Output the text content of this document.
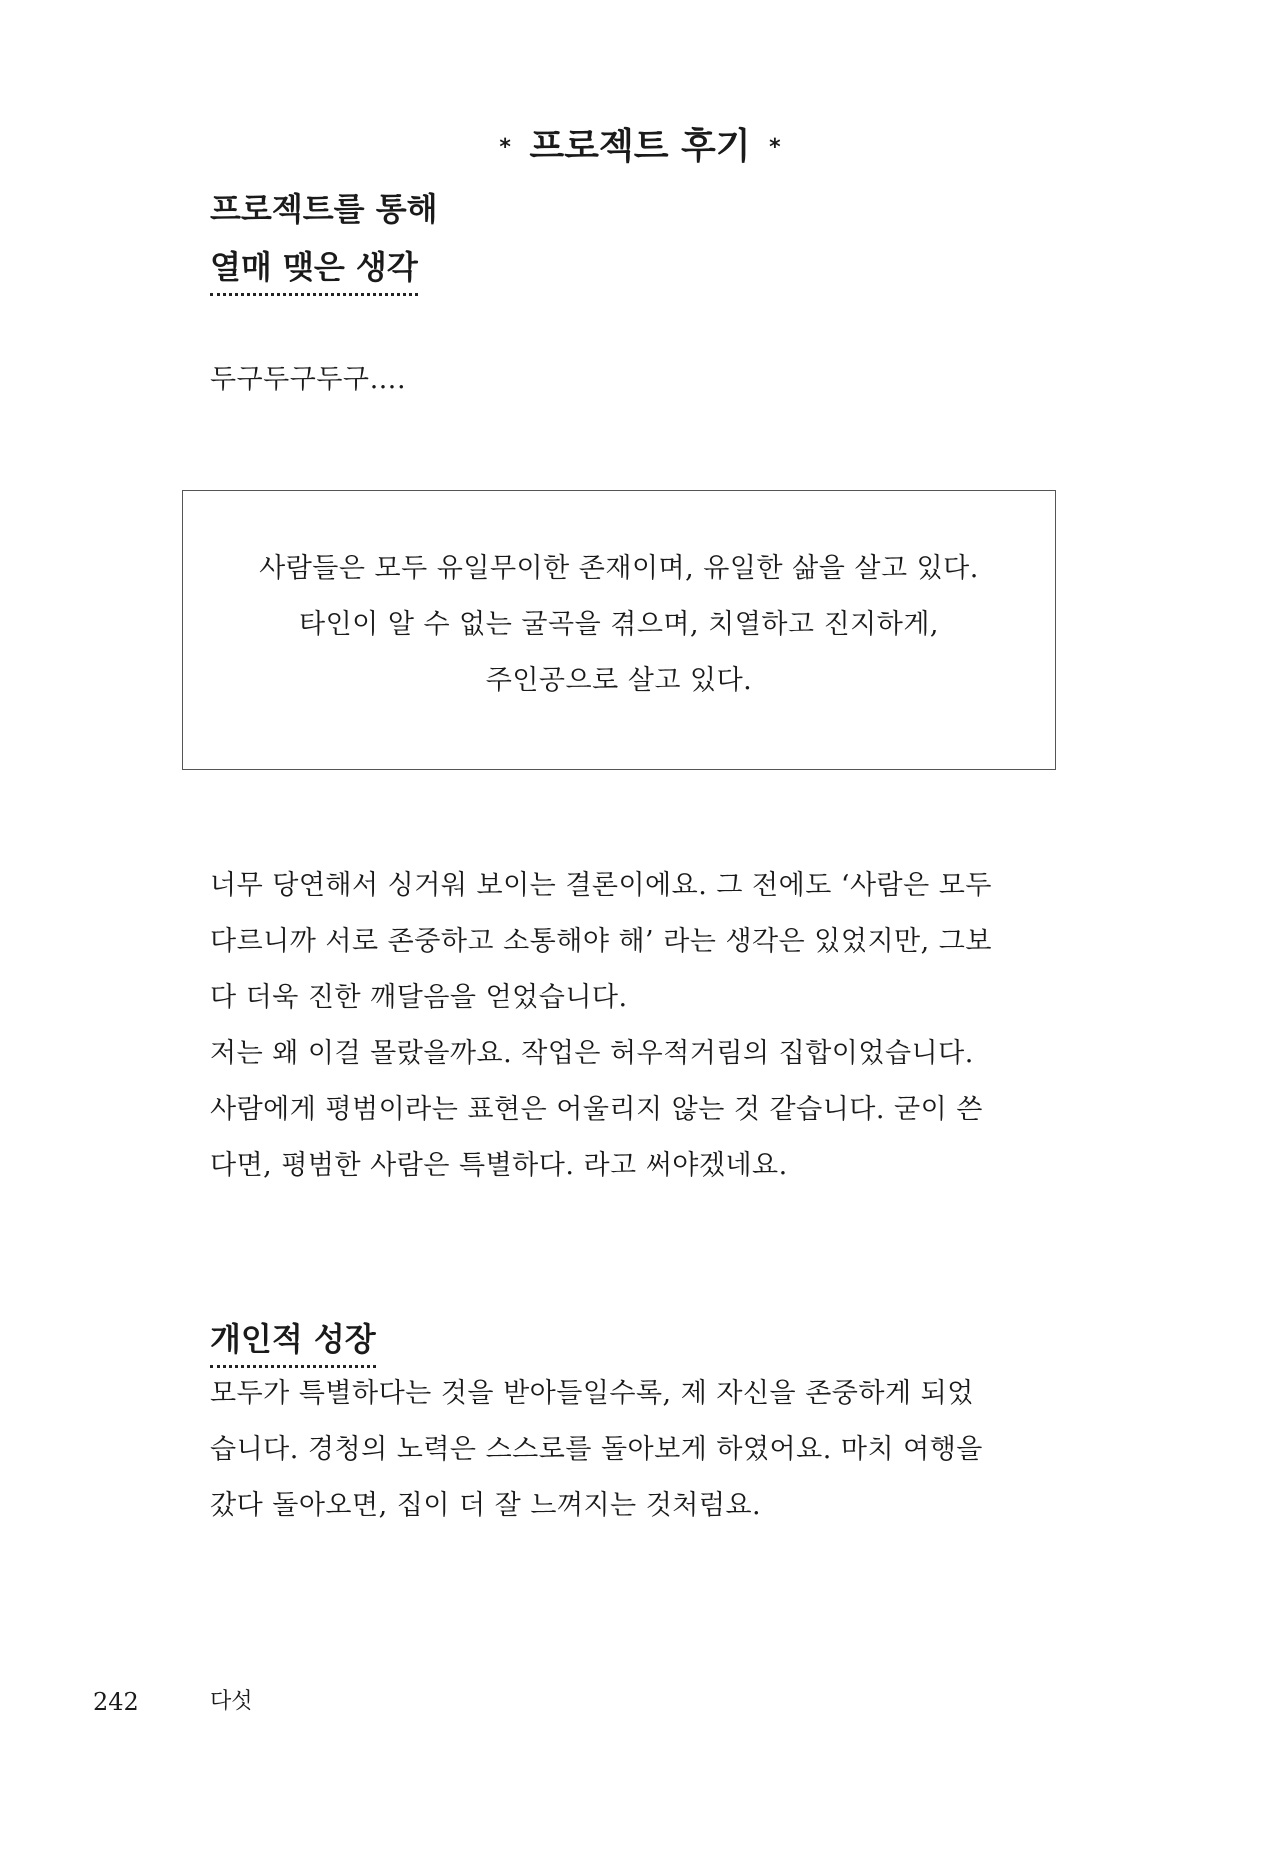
* 프로젝트 후기 *
프로젝트를 통해
열매 맺은 생각
두구두구두구….
사람들은 모두 유일무이한 존재이며, 유일한 삶을 살고 있다.
타인이 알 수 없는 굴곡을 겪으며, 치열하고 진지하게,
주인공으로 살고 있다.
너무 당연해서 싱거워 보이는 결론이에요. 그 전에도 ‘사람은 모두
다르니까 서로 존중하고 소통해야 해’ 라는 생각은 있었지만, 그보
다 더욱 진한 깨달음을 얻었습니다.
저는 왜 이걸 몰랐을까요. 작업은 허우적거림의 집합이었습니다.
사람에게 평범이라는 표현은 어울리지 않는 것 같습니다. 굳이 쓴
다면, 평범한 사람은 특별하다. 라고 써야겠네요.
개인적 성장
모두가 특별하다는 것을 받아들일수록, 제 자신을 존중하게 되었
습니다. 경청의 노력은 스스로를 돌아보게 하였어요. 마치 여행을
갔다 돌아오면, 집이 더 잘 느껴지는 것처럼요.
242	다섯
